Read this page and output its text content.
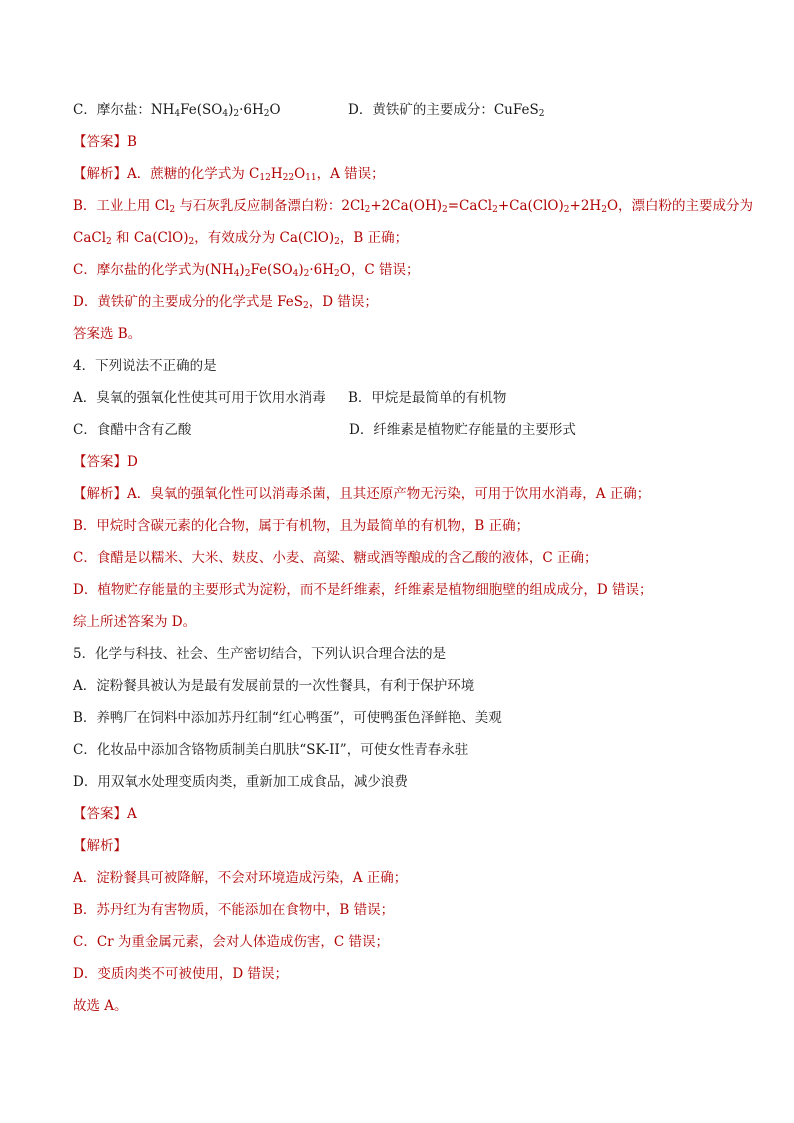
C．摩尔盐：$NH_4Fe(SO_4)_2\cdot 6H_2O$	D．黄铁矿的主要成分：CuFeS$_2$
【答案】B
【解析】A．蔗糖的化学式为 $C_{12}H_{22}O_{11}$，A 错误；
B．工业上用 $Cl_2$ 与石灰乳反应制备漂白粉：$2Cl_2+2Ca(OH)_2=CaCl_2+Ca(ClO)_2+2H_2O$，漂白粉的主要成分为
CaCl$_2$ 和 $Ca(ClO)_2$，有效成分为 $Ca(ClO)_2$，B 正确；
C．摩尔盐的化学式为$(NH_4)_2Fe(SO_4)_2\cdot 6H_2O$，C 错误；
D．黄铁矿的主要成分的化学式是 FeS$_2$，D 错误；
答案选 B。
4．下列说法不正确的是
A．臭氧的强氧化性使其可用于饮用水消毒 B．甲烷是最简单的有机物
C．食醋中含有乙酸	D．纤维素是植物贮存能量的主要形式
【答案】D
【解析】A．臭氧的强氧化性可以消毒杀菌，且其还原产物无污染，可用于饮用水消毒，A 正确；
B．甲烷时含碳元素的化合物，属于有机物，且为最简单的有机物，B 正确；
C．食醋是以糯米、大米、麸皮、小麦、高粱、糖或酒等酿成的含乙酸的液体，C 正确；
D．植物贮存能量的主要形式为淀粉，而不是纤维素，纤维素是植物细胞壁的组成成分，D 错误；
综上所述答案为 D。
5．化学与科技、社会、生产密切结合，下列认识合理合法的是
A．淀粉餐具被认为是最有发展前景的一次性餐具，有利于保护环境
B．养鸭厂在饲料中添加苏丹红制“红心鸭蛋”，可使鸭蛋色泽鲜艳、美观
C．化妆品中添加含铬物质制美白肌肤“SK-II”，可使女性青春永驻
D．用双氧水处理变质肉类，重新加工成食品，减少浪费
【答案】A
【解析】
A．淀粉餐具可被降解，不会对环境造成污染，A 正确；
B．苏丹红为有害物质，不能添加在食物中，B 错误；
C．Cr 为重金属元素，会对人体造成伤害，C 错误；
D．变质肉类不可被使用，D 错误；
故选 A。
